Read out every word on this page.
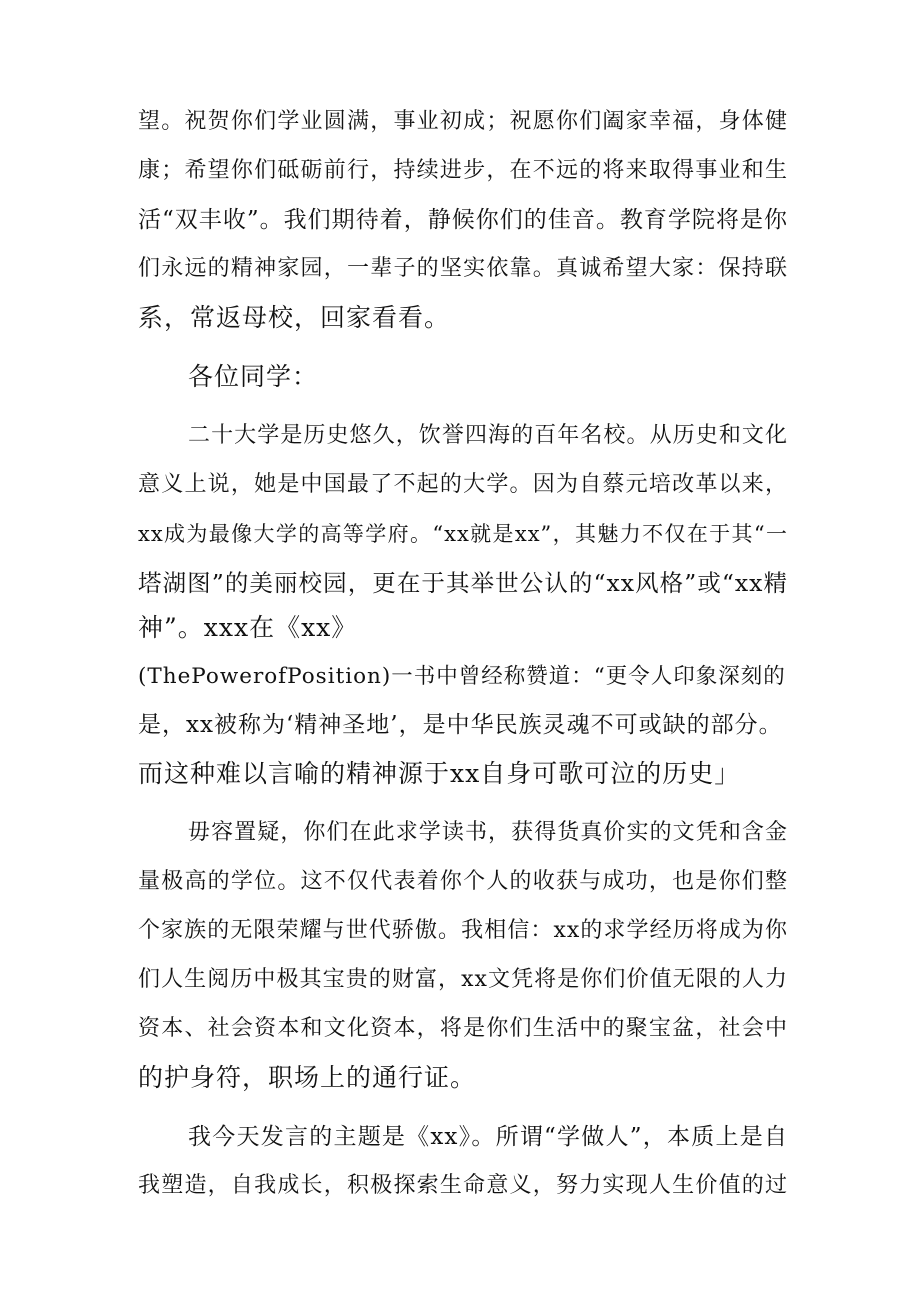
望。祝贺你们学业圆满，事业初成；祝愿你们阖家幸福，身体健
康；希望你们砥砺前行，持续进步，在不远的将来取得事业和生
活“双丰收”。我们期待着，静候你们的佳音。教育学院将是你
们永远的精神家园，一辈子的坚实依靠。真诚希望大家：保持联
系，常返母校，回家看看。
各位同学：
二十大学是历史悠久，饮誉四海的百年名校。从历史和文化
意义上说，她是中国最了不起的大学。因为自蔡元培改革以来，
xx成为最像大学的高等学府。“xx就是xx”，其魅力不仅在于其“一
塔湖图”的美丽校园，更在于其举世公认的“xx风格”或“xx精
神”。xxx在《xx》
(ThePowerofPosition)一书中曾经称赞道：“更令人印象深刻的
是，xx被称为‘精神圣地’，是中华民族灵魂不可或缺的部分。
而这种难以言喻的精神源于xx自身可歌可泣的历史」
毋容置疑，你们在此求学读书，获得货真价实的文凭和含金
量极高的学位。这不仅代表着你个人的收获与成功，也是你们整
个家族的无限荣耀与世代骄傲。我相信：xx的求学经历将成为你
们人生阅历中极其宝贵的财富，xx文凭将是你们价值无限的人力
资本、社会资本和文化资本，将是你们生活中的聚宝盆，社会中
的护身符，职场上的通行证。
我今天发言的主题是《xx》。所谓“学做人”，本质上是自
我塑造，自我成长，积极探索生命意义，努力实现人生价值的过
